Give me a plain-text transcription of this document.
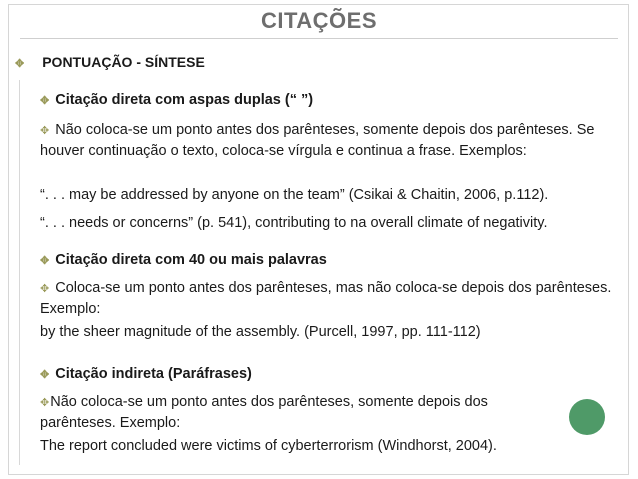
CITAÇÕES
✥ PONTUAÇÃO - SÍNTESE
✥ Citação direta com aspas duplas (“ ”)
✥ Não coloca-se um ponto antes dos parênteses, somente depois dos parênteses. Se houver continuação o texto, coloca-se vírgula e continua a frase. Exemplos:
“. . . may be addressed by anyone on the team” (Csikai & Chaitin, 2006, p.112).
“. . . needs or concerns” (p. 541), contributing to na overall climate of negativity.
✥ Citação direta com 40 ou mais palavras
✥ Coloca-se um ponto antes dos parênteses, mas não coloca-se depois dos parênteses. Exemplo:
by the sheer magnitude of the assembly. (Purcell, 1997, pp. 111-112)
✥ Citação indireta (Paráfrases)
✥Não coloca-se um ponto antes dos parênteses, somente depois dos parênteses. Exemplo:
The report concluded were victims of cyberterrorism (Windhorst, 2004).
